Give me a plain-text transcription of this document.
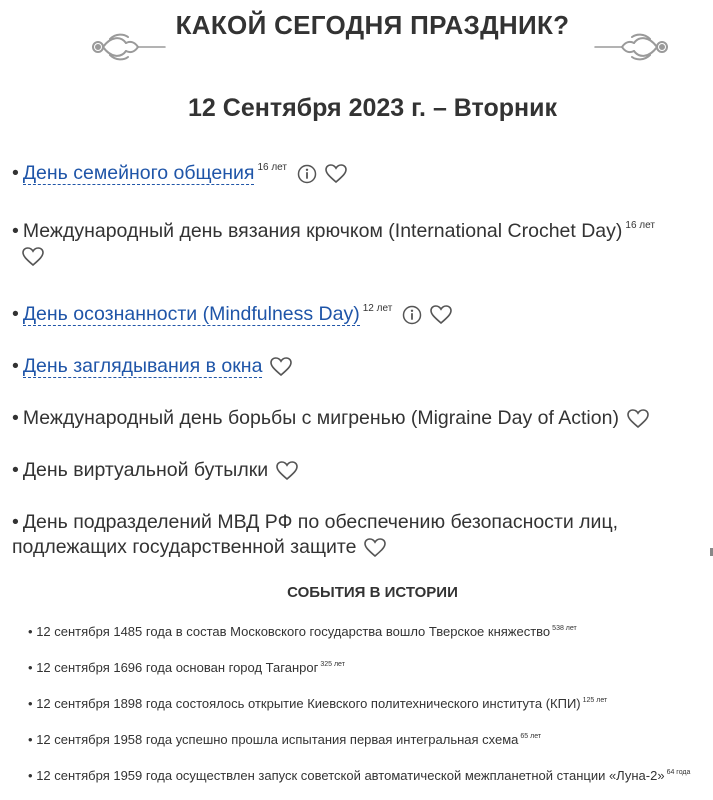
КАКОЙ СЕГОДНЯ ПРАЗДНИК?
12 Сентября 2023 г. – Вторник
• День семейного общения $^{16 лет}$
• Международный день вязания крючком (International Crochet Day) $^{16 лет}$

• День осознанности (Mindfulness Day) $^{12 лет}$
• День заглядывания в окна
• Международный день борьбы с мигренью (Migraine Day of Action)
• День виртуальной бутылки
• День подразделений МВД РФ по обеспечению безопасности лиц, подлежащих государственной защите
СОБЫТИЯ В ИСТОРИИ
• 12 сентября 1485 года в состав Московского государства вошло Тверское княжество $^{538 лет}$
• 12 сентября 1696 года основан город Таганрог $^{325 лет}$
• 12 сентября 1898 года состоялось открытие Киевского политехнического института (КПИ) $^{125 лет}$
• 12 сентября 1958 года успешно прошла испытания первая интегральная схема $^{65 лет}$
• 12 сентября 1959 года осуществлен запуск советской автоматической межпланетной станции «Луна-2» $^{64 года}$
